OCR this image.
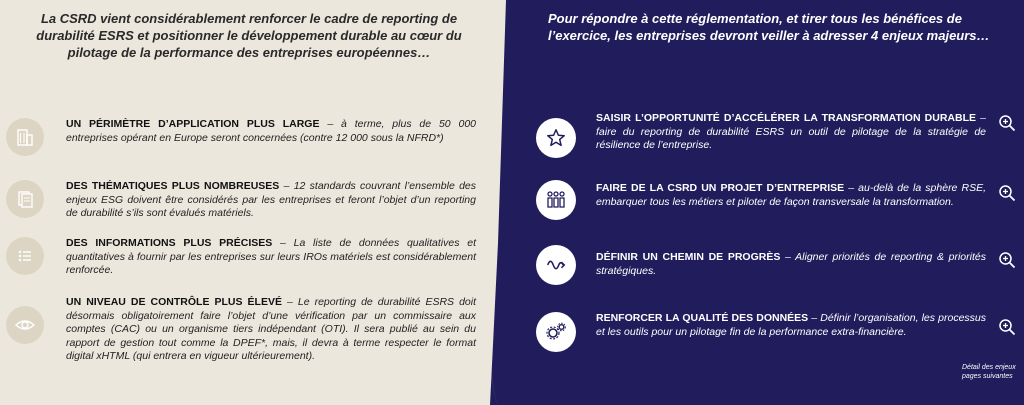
La CSRD vient considérablement renforcer le cadre de reporting de durabilité ESRS et positionner le développement durable au cœur du pilotage de la performance des entreprises européennes…
Pour répondre à cette réglementation, et tirer tous les bénéfices de l’exercice, les entreprises devront veiller à adresser 4 enjeux majeurs…
UN PÉRIMÈTRE D’APPLICATION PLUS LARGE – à terme, plus de 50 000 entreprises opérant en Europe seront concernées (contre 12 000 sous la NFRD*)
DES THÉMATIQUES PLUS NOMBREUSES – 12 standards couvrant l’ensemble des enjeux ESG doivent être considérés par les entreprises et feront l’objet d’un reporting de durabilité s’ils sont évalués matériels.
DES INFORMATIONS PLUS PRÉCISES – La liste de données qualitatives et quantitatives à fournir par les entreprises sur leurs IROs matériels est considérablement renforcée.
UN NIVEAU DE CONTRÔLE PLUS ÉLEVÉ – Le reporting de durabilité ESRS doit désormais obligatoirement faire l’objet d’une vérification par un commissaire aux comptes (CAC) ou un organisme tiers indépendant (OTI). Il sera publié au sein du rapport de gestion tout comme la DPEF*, mais, il devra à terme respecter le format digital xHTML (qui entrera en vigueur ultérieurement).
SAISIR L’OPPORTUNITÉ D’ACCÉLÉRER LA TRANSFORMATION DURABLE – faire du reporting de durabilité ESRS un outil de pilotage de la stratégie de résilience de l’entreprise.
FAIRE DE LA CSRD UN PROJET D’ENTREPRISE – au-delà de la sphère RSE, embarquer tous les métiers et piloter de façon transversale la transformation.
DÉFINIR UN CHEMIN DE PROGRÈS – Aligner priorités de reporting & priorités stratégiques.
RENFORCER LA QUALITÉ DES DONNÉES – Définir l’organisation, les processus et les outils pour un pilotage fin de la performance extra-financière.
Détail des enjeux
pages suivantes
